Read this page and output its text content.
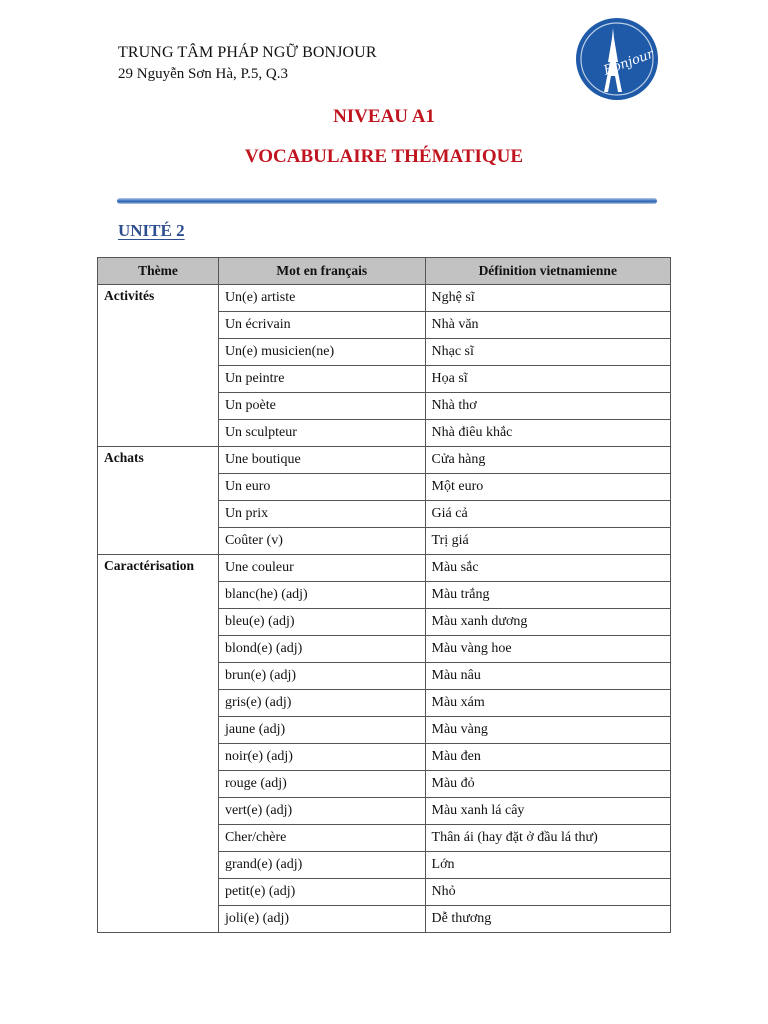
TRUNG TÂM PHÁP NGỮ BONJOUR
29 Nguyễn Sơn Hà, P.5, Q.3	Bonjour
NIVEAU A1
VOCABULAIRE THÉMATIQUE
UNITÉ 2
Thème	Mot en français	Définition vietnamienne
Activités	Un(e) artiste	Nghệ sĩ
	Un écrivain	Nhà văn
	Un(e) musicien(ne)	Nhạc sĩ
	Un peintre	Họa sĩ
	Un poète	Nhà thơ
	Un sculpteur	Nhà điêu khắc
Achats	Une boutique	Cửa hàng
	Un euro	Một euro
	Un prix	Giá cả
	Coûter (v)	Trị giá
Caractérisation	Une couleur	Màu sắc
	blanc(he) (adj)	Màu trắng
	bleu(e) (adj)	Màu xanh dương
	blond(e) (adj)	Màu vàng hoe
	brun(e) (adj)	Màu nâu
	gris(e) (adj)	Màu xám
	jaune (adj)	Màu vàng
	noir(e) (adj)	Màu đen
	rouge (adj)	Màu đỏ
	vert(e) (adj)	Màu xanh lá cây
	Cher/chère	Thân ái (hay đặt ở đầu lá thư)
	grand(e) (adj)	Lớn
	petit(e) (adj)	Nhỏ
	joli(e) (adj)	Dễ thương
